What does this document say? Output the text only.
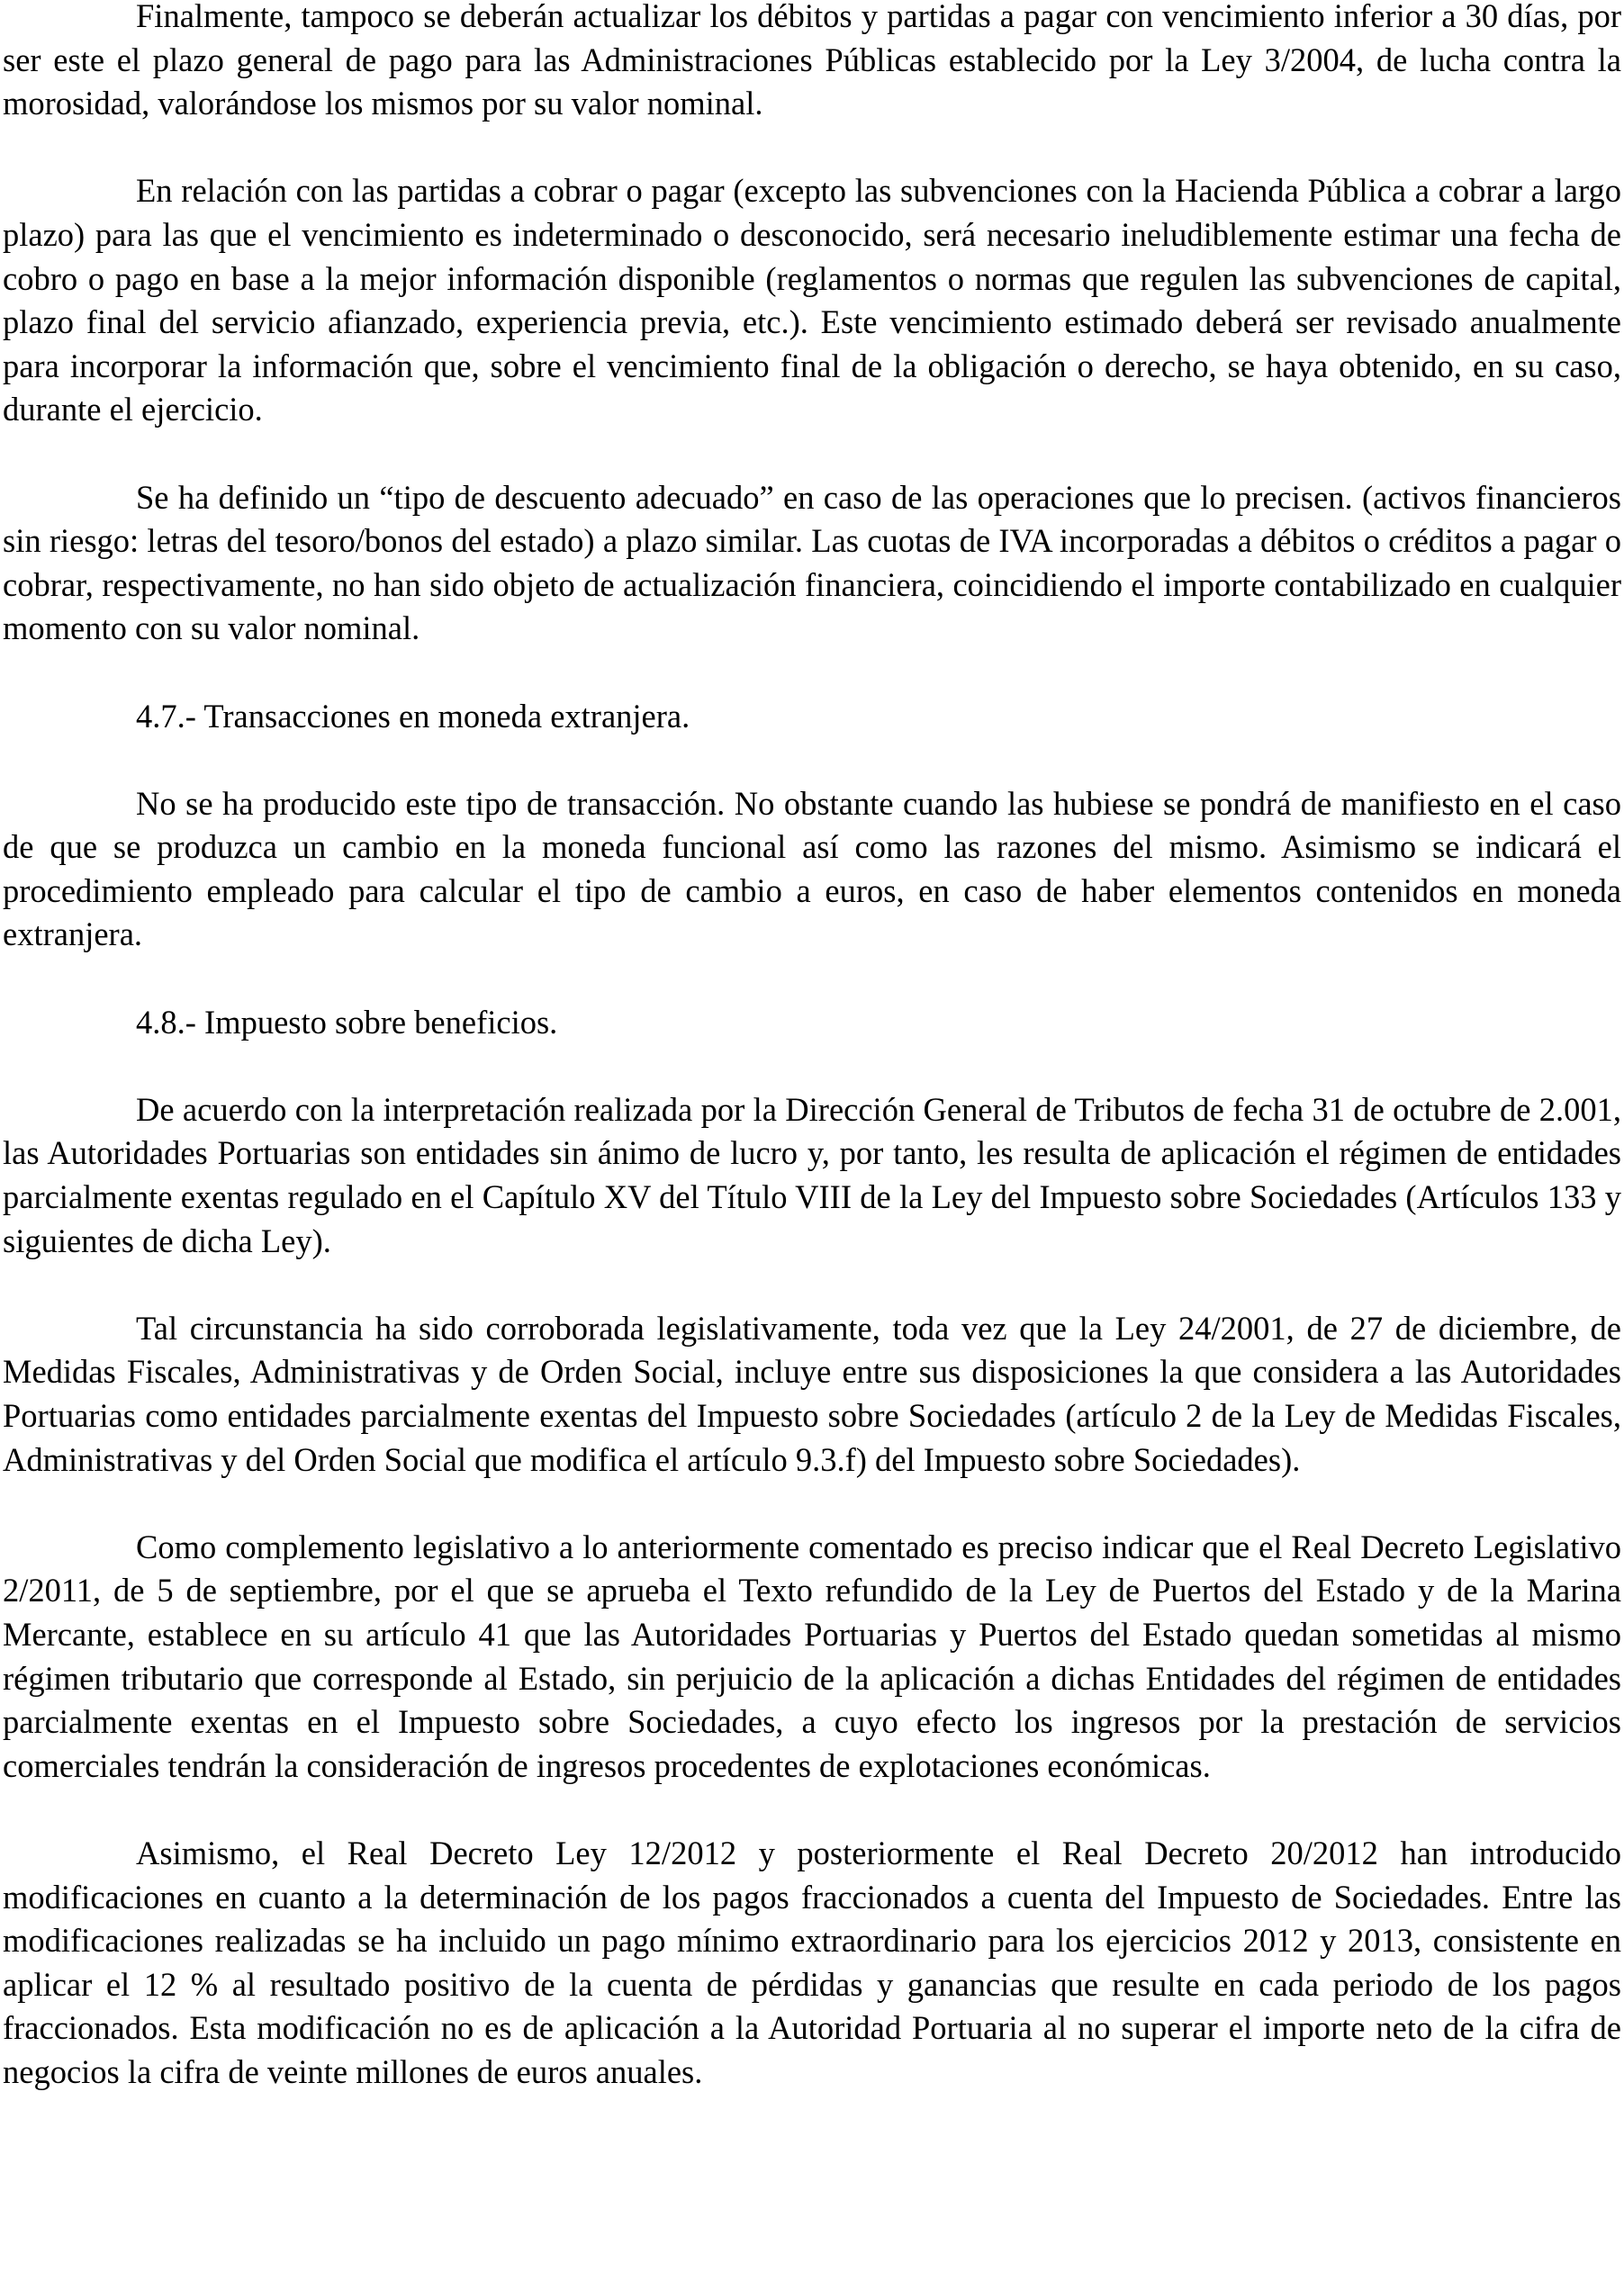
Finalmente, tampoco se deberán actualizar los débitos y partidas a pagar con vencimiento inferior a 30 días, por ser este el plazo general de pago para las Administraciones Públicas establecido por la Ley 3/2004, de lucha contra la morosidad, valorándose los mismos por su valor nominal.

En relación con las partidas a cobrar o pagar (excepto las subvenciones con la Hacienda Pública a cobrar a largo plazo) para las que el vencimiento es indeterminado o desconocido, será necesario ineludiblemente estimar una fecha de cobro o pago en base a la mejor información disponible (reglamentos o normas que regulen las subvenciones de capital, plazo final del servicio afianzado, experiencia previa, etc.). Este vencimiento estimado deberá ser revisado anualmente para incorporar la información que, sobre el vencimiento final de la obligación o derecho, se haya obtenido, en su caso, durante el ejercicio.

Se ha definido un “tipo de descuento adecuado” en caso de las operaciones que lo precisen. (activos financieros sin riesgo: letras del tesoro/bonos del estado) a plazo similar. Las cuotas de IVA incorporadas a débitos o créditos a pagar o cobrar, respectivamente, no han sido objeto de actualización financiera, coincidiendo el importe contabilizado en cualquier momento con su valor nominal.

4.7.- Transacciones en moneda extranjera.

No se ha producido este tipo de transacción. No obstante cuando las hubiese se pondrá de manifiesto en el caso de que se produzca un cambio en la moneda funcional así como las razones del mismo. Asimismo se indicará el procedimiento empleado para calcular el tipo de cambio a euros, en caso de haber elementos contenidos en moneda extranjera.

4.8.- Impuesto sobre beneficios.

De acuerdo con la interpretación realizada por la Dirección General de Tributos de fecha 31 de octubre de 2.001, las Autoridades Portuarias son entidades sin ánimo de lucro y, por tanto, les resulta de aplicación el régimen de entidades parcialmente exentas regulado en el Capítulo XV del Título VIII de la Ley del Impuesto sobre Sociedades (Artículos 133 y siguientes de dicha Ley).

Tal circunstancia ha sido corroborada legislativamente, toda vez que la Ley 24/2001, de 27 de diciembre, de Medidas Fiscales, Administrativas y de Orden Social, incluye entre sus disposiciones la que considera a las Autoridades Portuarias como entidades parcialmente exentas del Impuesto sobre Sociedades (artículo 2 de la Ley de Medidas Fiscales, Administrativas y del Orden Social que modifica el artículo 9.3.f) del Impuesto sobre Sociedades).

Como complemento legislativo a lo anteriormente comentado es preciso indicar que el Real Decreto Legislativo 2/2011, de 5 de septiembre, por el que se aprueba el Texto refundido de la Ley de Puertos del Estado y de la Marina Mercante, establece en su artículo 41 que las Autoridades Portuarias y Puertos del Estado quedan sometidas al mismo régimen tributario que corresponde al Estado, sin perjuicio de la aplicación a dichas Entidades del régimen de entidades parcialmente exentas en el Impuesto sobre Sociedades, a cuyo efecto los ingresos por la prestación de servicios comerciales tendrán la consideración de ingresos procedentes de explotaciones económicas.

Asimismo, el Real Decreto Ley 12/2012 y posteriormente el Real Decreto 20/2012 han introducido modificaciones en cuanto a la determinación de los pagos fraccionados a cuenta del Impuesto de Sociedades. Entre las modificaciones realizadas se ha incluido un pago mínimo extraordinario para los ejercicios 2012 y 2013, consistente en aplicar el 12 % al resultado positivo de la cuenta de pérdidas y ganancias que resulte en cada periodo de los pagos fraccionados. Esta modificación no es de aplicación a la Autoridad Portuaria al no superar el importe neto de la cifra de negocios la cifra de veinte millones de euros anuales.
